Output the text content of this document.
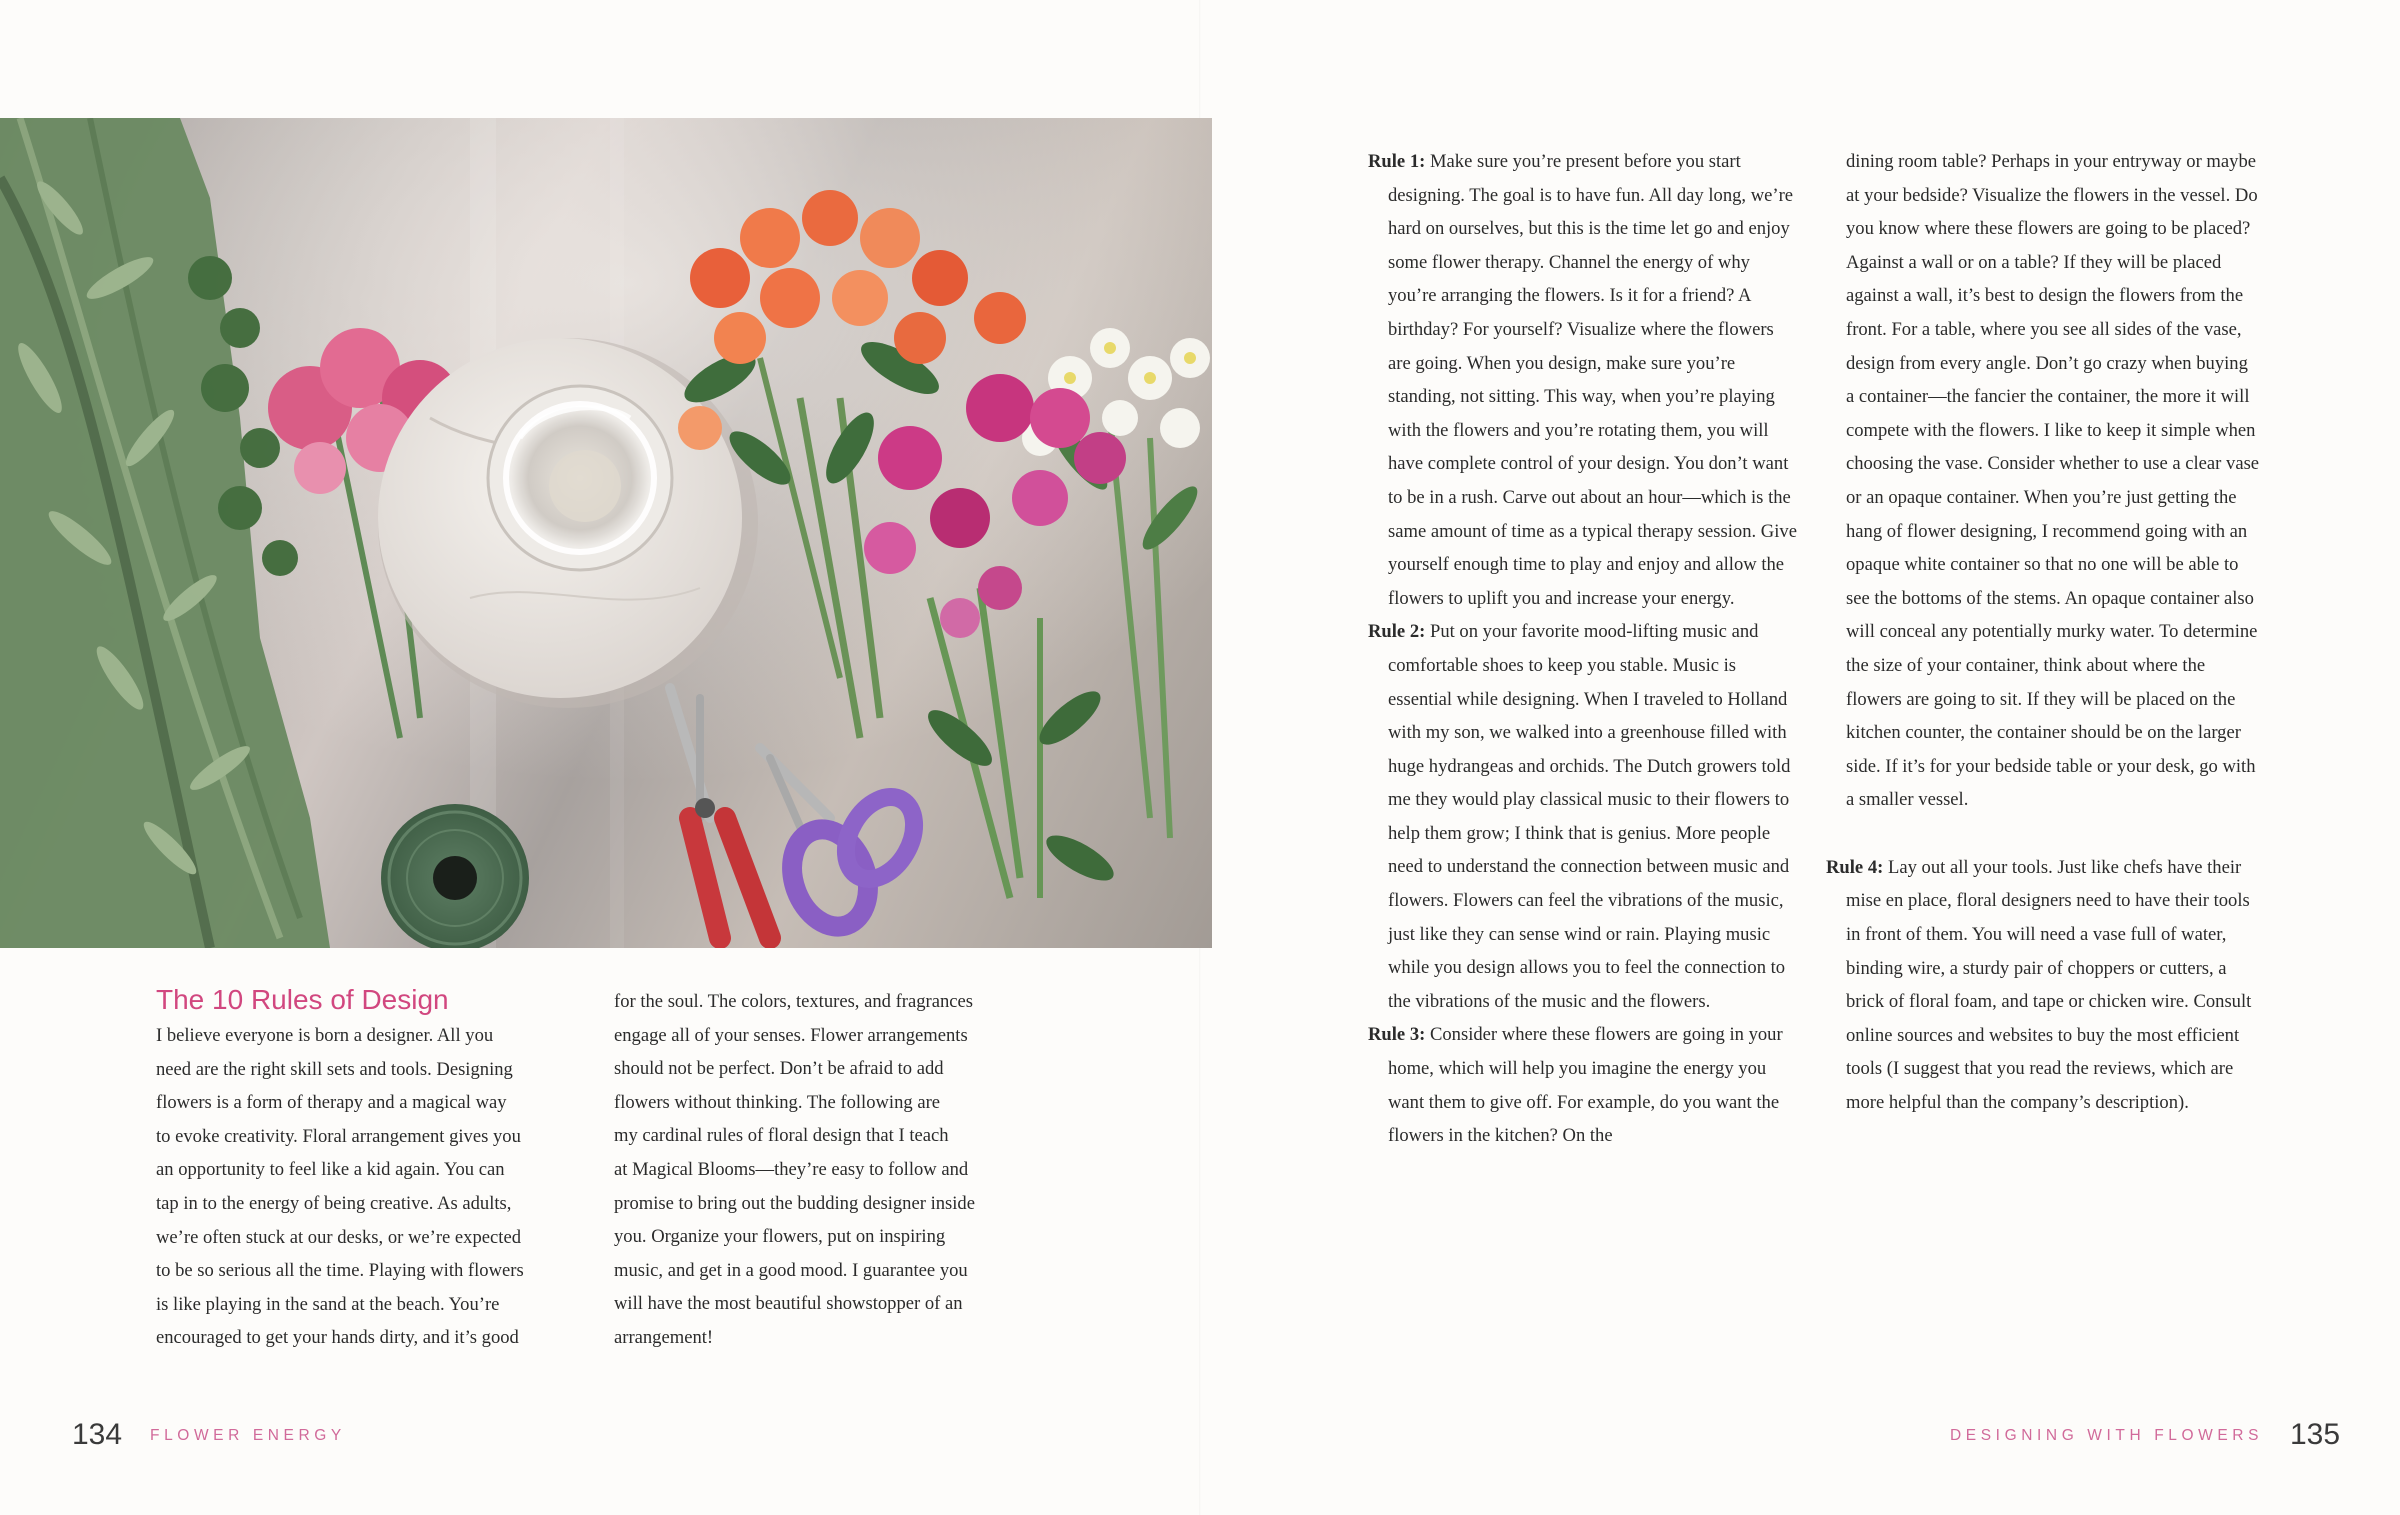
The 10 Rules of Design
I believe everyone is born a designer. All you
need are the right skill sets and tools. Designing
flowers is a form of therapy and a magical way
to evoke creativity. Floral arrangement gives you
an opportunity to feel like a kid again. You can
tap in to the energy of being creative. As adults,
we’re often stuck at our desks, or we’re expected
to be so serious all the time. Playing with flowers
is like playing in the sand at the beach. You’re
encouraged to get your hands dirty, and it’s good
for the soul. The colors, textures, and fragrances
engage all of your senses. Flower arrangements
should not be perfect. Don’t be afraid to add
flowers without thinking. The following are
my cardinal rules of floral design that I teach
at Magical Blooms—they’re easy to follow and
promise to bring out the budding designer inside
you. Organize your flowers, put on inspiring
music, and get in a good mood. I guarantee you
will have the most beautiful showstopper of an
arrangement!
134 FLOWER ENERGY

Rule 1: Make sure you’re present before you start designing. The goal is to have fun. All day long, we’re hard on ourselves, but this is the time let go and enjoy some flower therapy. Channel the energy of why you’re arranging the flowers. Is it for a friend? A birthday? For yourself? Visualize where the flowers are going. When you design, make sure you’re standing, not sitting. This way, when you’re playing with the flowers and you’re rotating them, you will have complete control of your design. You don’t want to be in a rush. Carve out about an hour—which is the same amount of time as a typical therapy session. Give yourself enough time to play and enjoy and allow the flowers to uplift you and increase your energy.

Rule 2: Put on your favorite mood-lifting music and comfortable shoes to keep you stable. Music is essential while designing. When I traveled to Holland with my son, we walked into a greenhouse filled with huge hydrangeas and orchids. The Dutch growers told me they would play classical music to their flowers to help them grow; I think that is genius. More people need to understand the connection between music and flowers. Flowers can feel the vibrations of the music, just like they can sense wind or rain. Playing music while you design allows you to feel the connection to the vibrations of the music and the flowers.

Rule 3: Consider where these flowers are going in your home, which will help you imagine the energy you want them to give off. For example, do you want the flowers in the kitchen? On the

dining room table? Perhaps in your entryway or maybe at your bedside? Visualize the flowers in the vessel. Do you know where these flowers are going to be placed? Against a wall or on a table? If they will be placed against a wall, it’s best to design the flowers from the front. For a table, where you see all sides of the vase, design from every angle. Don’t go crazy when buying a container—the fancier the container, the more it will compete with the flowers. I like to keep it simple when choosing the vase. Consider whether to use a clear vase or an opaque container. When you’re just getting the hang of flower designing, I recommend going with an opaque white container so that no one will be able to see the bottoms of the stems. An opaque container also will conceal any potentially murky water. To determine the size of your container, think about where the flowers are going to sit. If they will be placed on the kitchen counter, the container should be on the larger side. If it’s for your bedside table or your desk, go with a smaller vessel.

Rule 4: Lay out all your tools. Just like chefs have their mise en place, floral designers need to have their tools in front of them. You will need a vase full of water, binding wire, a sturdy pair of choppers or cutters, a brick of floral foam, and tape or chicken wire. Consult online sources and websites to buy the most efficient tools (I suggest that you read the reviews, which are more helpful than the company’s description).

DESIGNING WITH FLOWERS 135
